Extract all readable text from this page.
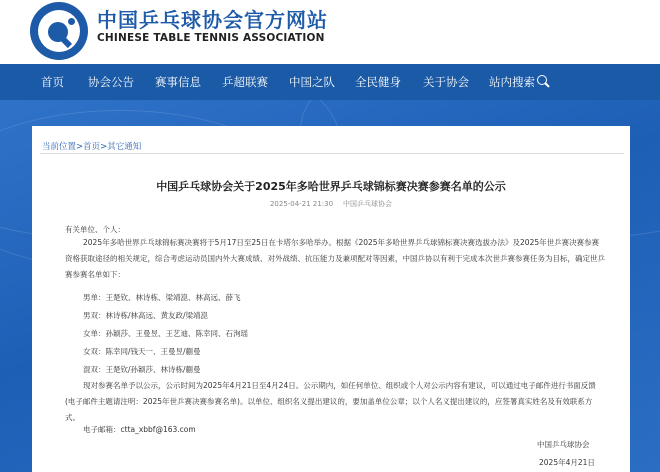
中国乒乓球协会官方网站
CHINESE TABLE TENNIS ASSOCIATION
首页 协会公告 赛事信息 乒超联赛 中国之队 全民健身 关于协会 站内搜索
当前位置>首页>其它通知
中国乒乓球协会关于2025年多哈世界乒乓球锦标赛决赛参赛名单的公示
2025-04-21 21:30 中国乒乓球协会
有关单位、个人：
2025年多哈世界乒乓球锦标赛决赛将于5月17日至25日在卡塔尔多哈举办。根据《2025年多哈世界乒乓球锦标赛决赛选拔办法》及2025年世乒赛决赛参赛资格获取途径的相关规定，综合考虑运动员国内外大赛成绩、对外战绩、抗压能力及兼项配对等因素，中国乒协以有利于完成本次世乒赛参赛任务为目标，确定世乒赛参赛名单如下：
男单：王楚钦、林诗栋、梁靖崑、林高远、薛飞
男双：林诗栋/林高远、黄友政/梁靖崑
女单：孙颖莎、王曼昱、王艺迪、陈幸同、石洵瑶
女双：陈幸同/钱天一、王曼昱/蒯曼
混双：王楚钦/孙颖莎、林诗栋/蒯曼
现对参赛名单予以公示，公示时间为2025年4月21日至4月24日。公示期内，如任何单位、组织或个人对公示内容有建议，可以通过电子邮件进行书面反馈(电子邮件主题请注明：2025年世乒赛决赛参赛名单)。以单位、组织名义提出建议的，要加盖单位公章；以个人名义提出建议的，应签署真实姓名及有效联系方式。
电子邮箱：ctta_xbbf@163.com
中国乒乓球协会
2025年4月21日
